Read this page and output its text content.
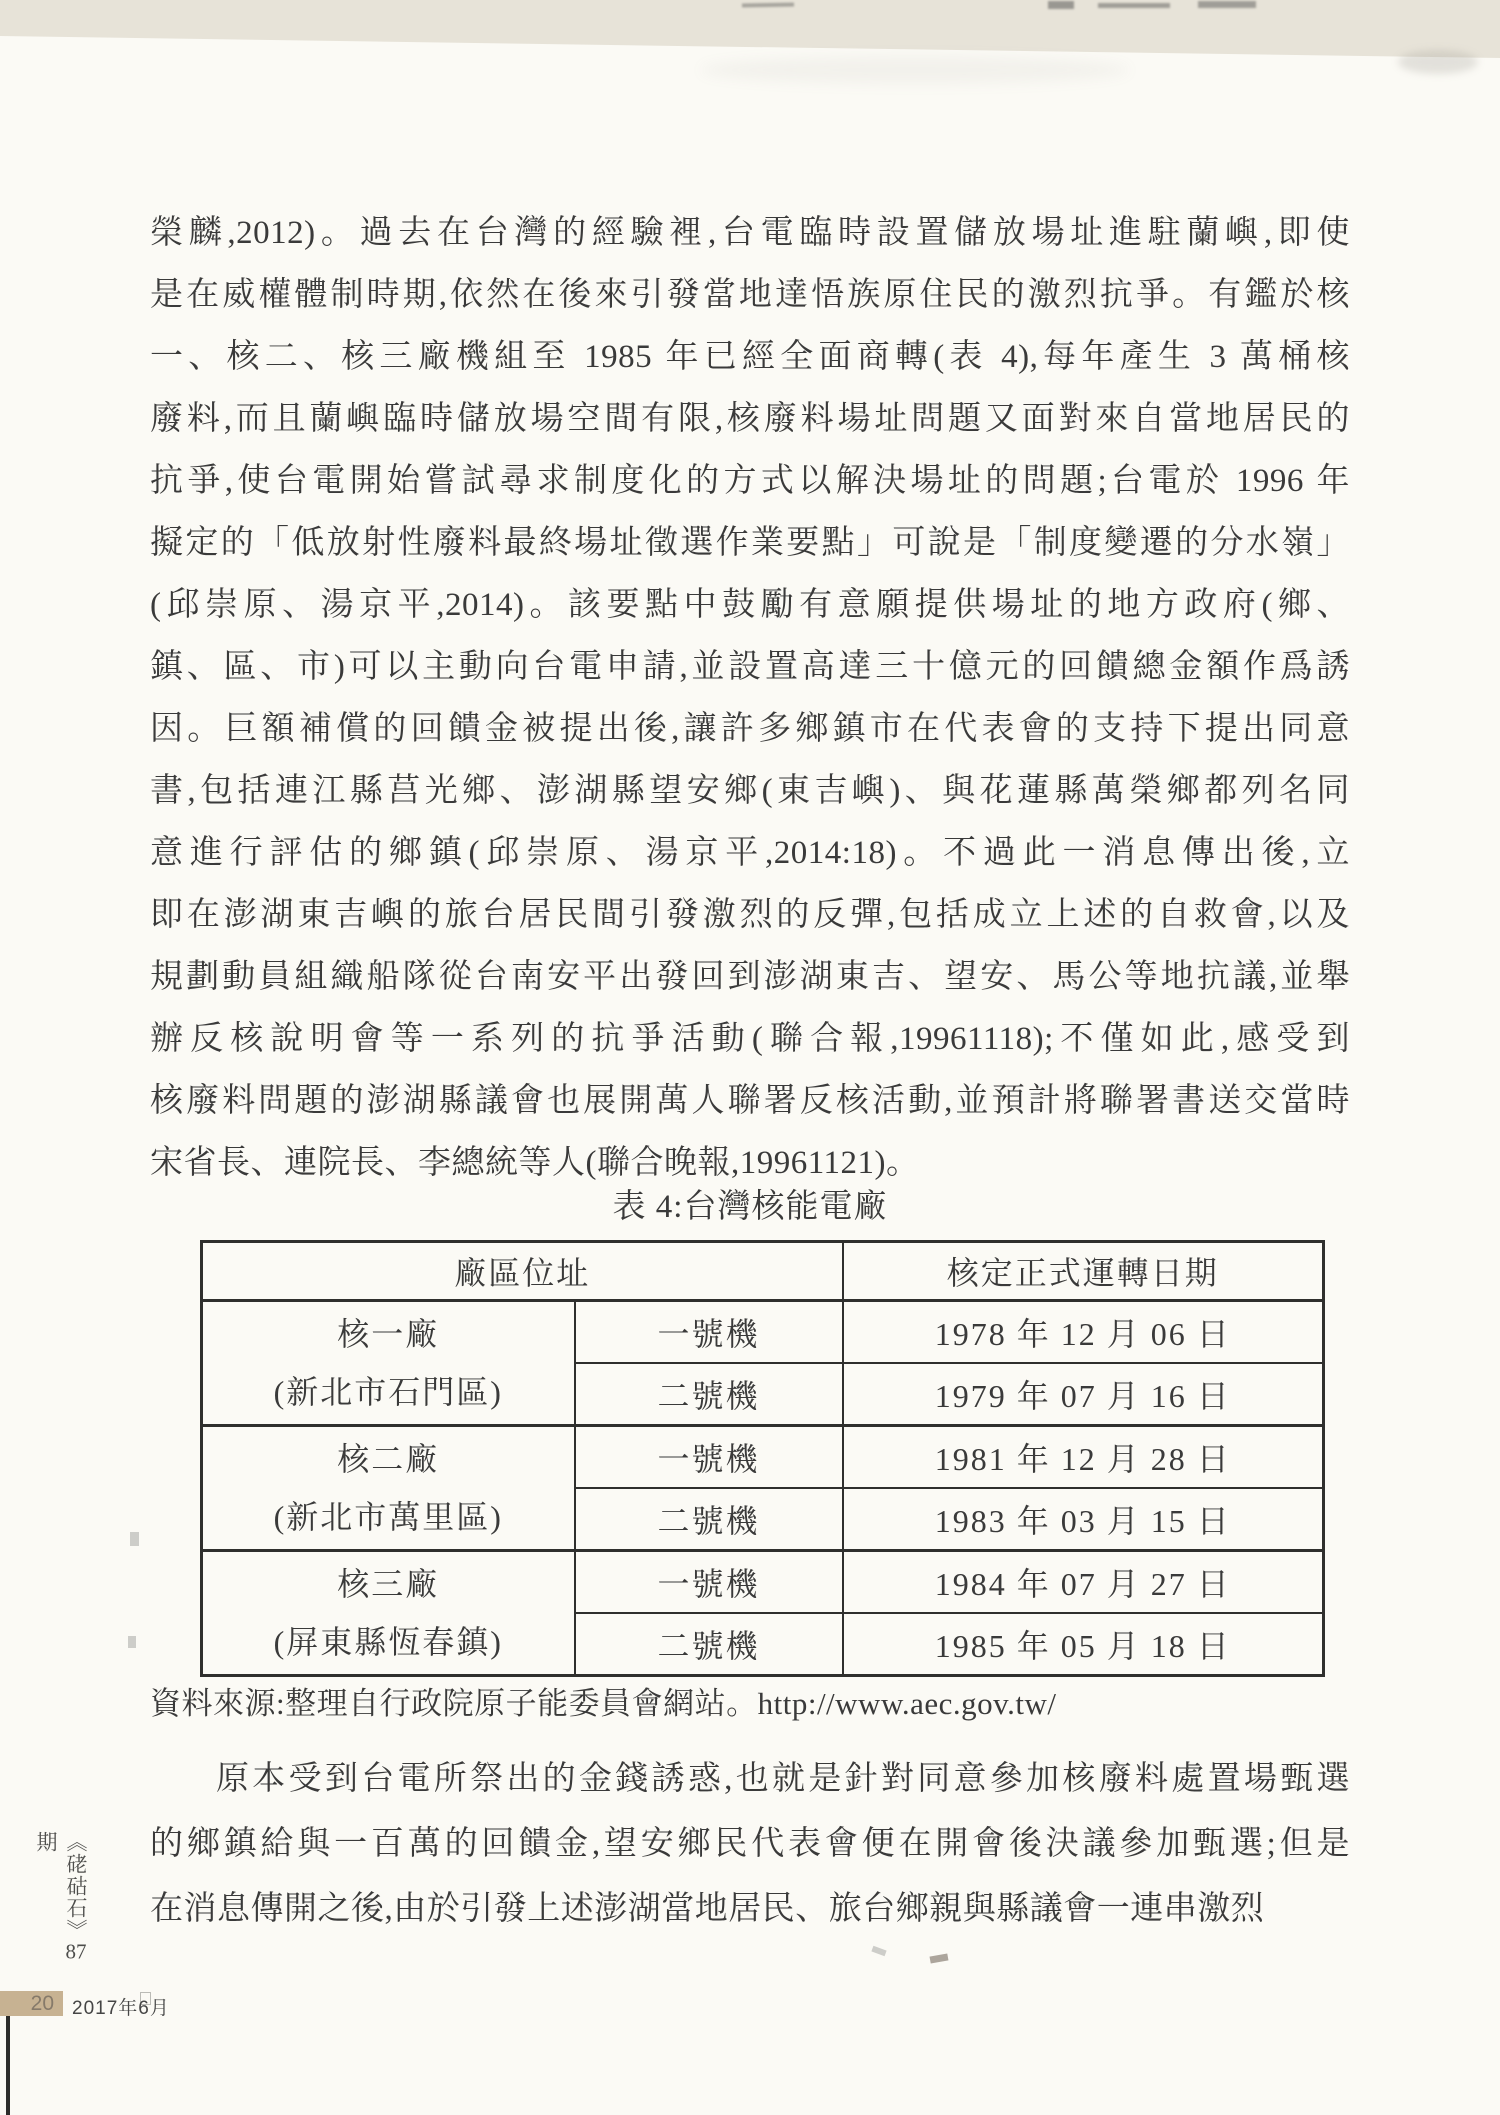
榮麟,2012)。過去在台灣的經驗裡,台電臨時設置儲放場址進駐蘭嶼,即使
是在威權體制時期,依然在後來引發當地達悟族原住民的激烈抗爭。有鑑於核
一、核二、核三廠機組至 1985 年已經全面商轉(表 4),每年產生 3 萬桶核
廢料,而且蘭嶼臨時儲放場空間有限,核廢料場址問題又面對來自當地居民的
抗爭,使台電開始嘗試尋求制度化的方式以解決場址的問題;台電於 1996 年
擬定的「低放射性廢料最終場址徵選作業要點」可說是「制度變遷的分水嶺」
(邱崇原、湯京平,2014)。該要點中鼓勵有意願提供場址的地方政府(鄉、
鎮、區、市)可以主動向台電申請,並設置高達三十億元的回饋總金額作爲誘
因。巨額補償的回饋金被提出後,讓許多鄉鎮市在代表會的支持下提出同意
書,包括連江縣莒光鄉、澎湖縣望安鄉(東吉嶼)、與花蓮縣萬榮鄉都列名同
意進行評估的鄉鎮(邱崇原、湯京平,2014:18)。不過此一消息傳出後,立
即在澎湖東吉嶼的旅台居民間引發激烈的反彈,包括成立上述的自救會,以及
規劃動員組織船隊從台南安平出發回到澎湖東吉、望安、馬公等地抗議,並舉
辦反核說明會等一系列的抗爭活動(聯合報,19961118);不僅如此,感受到
核廢料問題的澎湖縣議會也展開萬人聯署反核活動,並預計將聯署書送交當時
宋省長、連院長、李總統等人(聯合晚報,19961121)。
表 4:台灣核能電廠
廠區位址		核定正式運轉日期

核一廠
(新北市石門區)	一號機	1978 年 12 月 06 日
	二號機	1979 年 07 月 16 日

核二廠
(新北市萬里區)	一號機	1981 年 12 月 28 日
	二號機	1983 年 03 月 15 日

核三廠
(屏東縣恆春鎮)	一號機	1984 年 07 月 27 日
	二號機	1985 年 05 月 18 日
資料來源:整理自行政院原子能委員會網站。http://www.aec.gov.tw/
原本受到台電所祭出的金錢誘惑,也就是針對同意參加核廢料處置場甄選
的鄉鎮給與一百萬的回饋金,望安鄉民代表會便在開會後決議參加甄選;但是
在消息傳開之後,由於引發上述澎湖當地居民、旅台鄉親與縣議會一連串激烈
《硓𥑮石》87期
20 2017年6月
